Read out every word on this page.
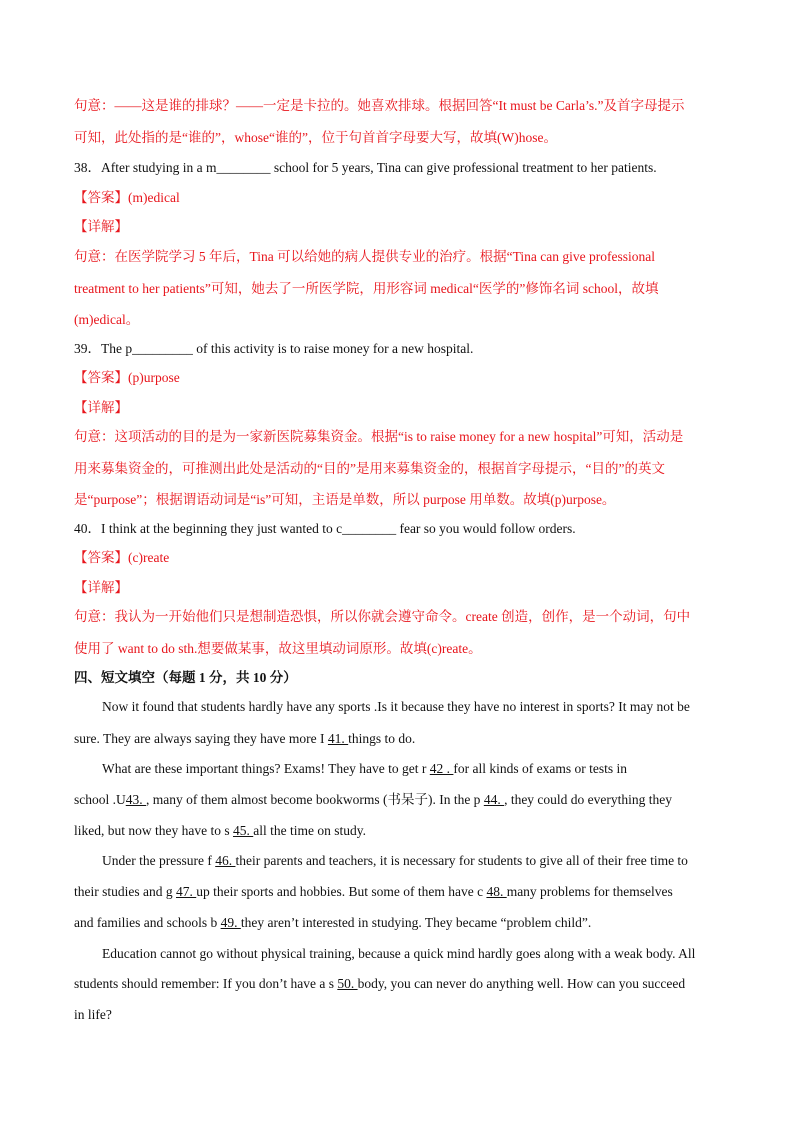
句意：——这是谁的排球？——一定是卡拉的。她喜欢排球。根据回答“It must be Carla’s.”及首字母提示
可知，此处指的是“谁的”，whose“谁的”，位于句首首字母要大写，故填(W)hose。
38．After studying in a m________ school for 5 years, Tina can give professional treatment to her patients.
【答案】(m)edical
【详解】
句意：在医学院学习 5 年后，Tina 可以给她的病人提供专业的治疗。根据“Tina can give professional
treatment to her patients”可知，她去了一所医学院，用形容词 medical“医学的”修饰名词 school，故填
(m)edical。
39．The p_________ of this activity is to raise money for a new hospital.
【答案】(p)urpose
【详解】
句意：这项活动的目的是为一家新医院募集资金。根据“is to raise money for a new hospital”可知，活动是
用来募集资金的，可推测出此处是活动的“目的”是用来募集资金的，根据首字母提示，“目的”的英文
是“purpose”；根据谓语动词是“is”可知，主语是单数，所以 purpose 用单数。故填(p)urpose。
40．I think at the beginning they just wanted to c________ fear so you would follow orders.
【答案】(c)reate
【详解】
句意：我认为一开始他们只是想制造恐惧，所以你就会遵守命令。create 创造，创作，是一个动词，句中
使用了 want to do sth.想要做某事，故这里填动词原形。故填(c)reate。
四、短文填空（每题 1 分，共 10 分）
Now it found that students hardly have any sports .Is it because they have no interest in sports? It may not be
sure. They are always saying they have more I 41. things to do.
What are these important things? Exams! They have to get r 42 . for all kinds of exams or tests in
school .U43. , many of them almost become bookworms (书呆子). In the p 44. , they could do everything they
liked, but now they have to s 45. all the time on study.
Under the pressure f 46. their parents and teachers, it is necessary for students to give all of their free time to
their studies and g 47. up their sports and hobbies. But some of them have c 48. many problems for themselves
and families and schools b 49. they aren’t interested in studying. They became “problem child”.
Education cannot go without physical training, because a quick mind hardly goes along with a weak body. All
students should remember: If you don’t have a s 50. body, you can never do anything well. How can you succeed
in life?
